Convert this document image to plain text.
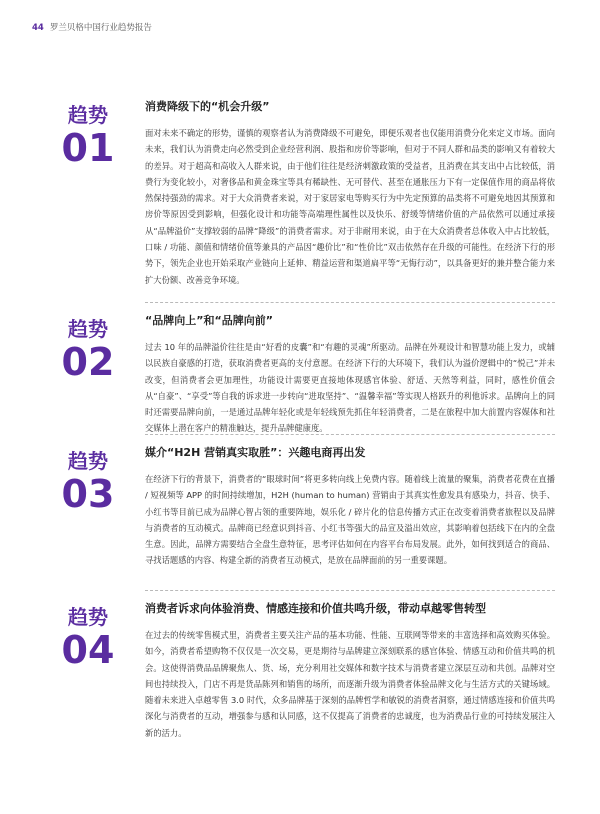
44 罗兰贝格中国行业趋势报告
趋势
01
消费降级下的“机会升级”

面对未来不确定的形势，谨慎的观察者认为消费降级不可避免，即便乐观者也仅能用消费分化来定义市场。面向未来，我们认为消费走向必然受到企业经营利润、股指和房价等影响，但对于不同人群和品类的影响又有着较大的差异。对于超高和高收入人群来说，由于他们往往是经济刺激政策的受益者，且消费在其支出中占比较低，消费行为变化较小，对奢侈品和黄金珠宝等具有稀缺性、无可替代、甚至在通胀压力下有一定保值作用的商品将依然保持强劲的需求。对于大众消费者来说，对于家居家电等购买行为中先定预算的品类将不可避免地因其预算和房价等原因受到影响，但强化设计和功能等高端理性属性以及快乐、舒缓等情绪价值的产品依然可以通过承接从“品牌溢价”支撑较弱的品牌“降级”的消费者需求。对于非耐用来说，由于在大众消费者总体收入中占比较低，口味 / 功能、颜值和情绪价值等兼具的产品因“趣价比”和“性价比”双击依然存在升级的可能性。在经济下行的形势下，领先企业也开始采取产业链向上延伸、精益运营和渠道扁平等“无悔行动”，以具备更好的兼并整合能力来扩大份额、改善竞争环境。

趋势
02
“品牌向上”和“品牌向前”

过去 10 年的品牌溢价往往是由“好看的皮囊”和“有趣的灵魂”所驱动。品牌在外观设计和智慧功能上发力，或辅以民族自豪感的打造，获取消费者更高的支付意愿。在经济下行的大环境下，我们认为溢价逻辑中的“悦己”并未改变，但消费者会更加理性，功能设计需要更直接地体现感官体验、舒适、天然等利益，同时，感性价值会从“自豪”、“享受”等自我的诉求进一步转向“进取坚持”、“温馨幸福”等实现人格跃升的利他诉求。品牌向上的同时还需要品牌向前，一是通过品牌年轻化或是年轻线预先抓住年轻消费者，二是在旅程中加大前置内容媒体和社交媒体上潜在客户的精准触达，提升品牌健康度。

趋势
03
媒介“H2H 营销真实取胜”：兴趣电商再出发

在经济下行的背景下，消费者的“眼球时间”将更多转向线上免费内容。随着线上流量的聚集，消费者花费在直播 / 短视频等 APP 的时间持续增加，H2H (human to human) 营销由于其真实性愈发具有感染力，抖音、快手、小红书等目前已成为品牌心智占领的重要阵地，娱乐化 / 碎片化的信息传播方式正在改变着消费者旅程以及品牌与消费者的互动模式。品牌商已经意识到抖音、小红书等强大的品宣及溢出效应，其影响着包括线下在内的全盘生意。因此，品牌方需要结合全盘生意特征，思考评估如何在内容平台布局发展。此外，如何找到适合的商品、寻找话题感的内容、构建全新的消费者互动模式，是放在品牌面前的另一重要课题。

趋势
04
消费者诉求向体验消费、情感连接和价值共鸣升级，带动卓越零售转型

在过去的传统零售模式里，消费者主要关注产品的基本功能、性能、互联网等带来的丰富选择和高效购买体验。如今，消费者希望购物不仅仅是一次交易，更是期待与品牌建立深刻联系的感官体验、情感互动和价值共鸣的机会。这使得消费品品牌聚焦人、货、场，充分利用社交媒体和数字技术与消费者建立深层互动和共创。品牌对空间也持续投入，门店不再是货品陈列和销售的场所，而逐渐升级为消费者体验品牌文化与生活方式的关键场域。随着未来进入卓越零售 3.0 时代，众多品牌基于深刻的品牌哲学和敏锐的消费者洞察，通过情感连接和价值共鸣深化与消费者的互动，增强参与感和认同感，这不仅提高了消费者的忠诚度，也为消费品行业的可持续发展注入新的活力。
